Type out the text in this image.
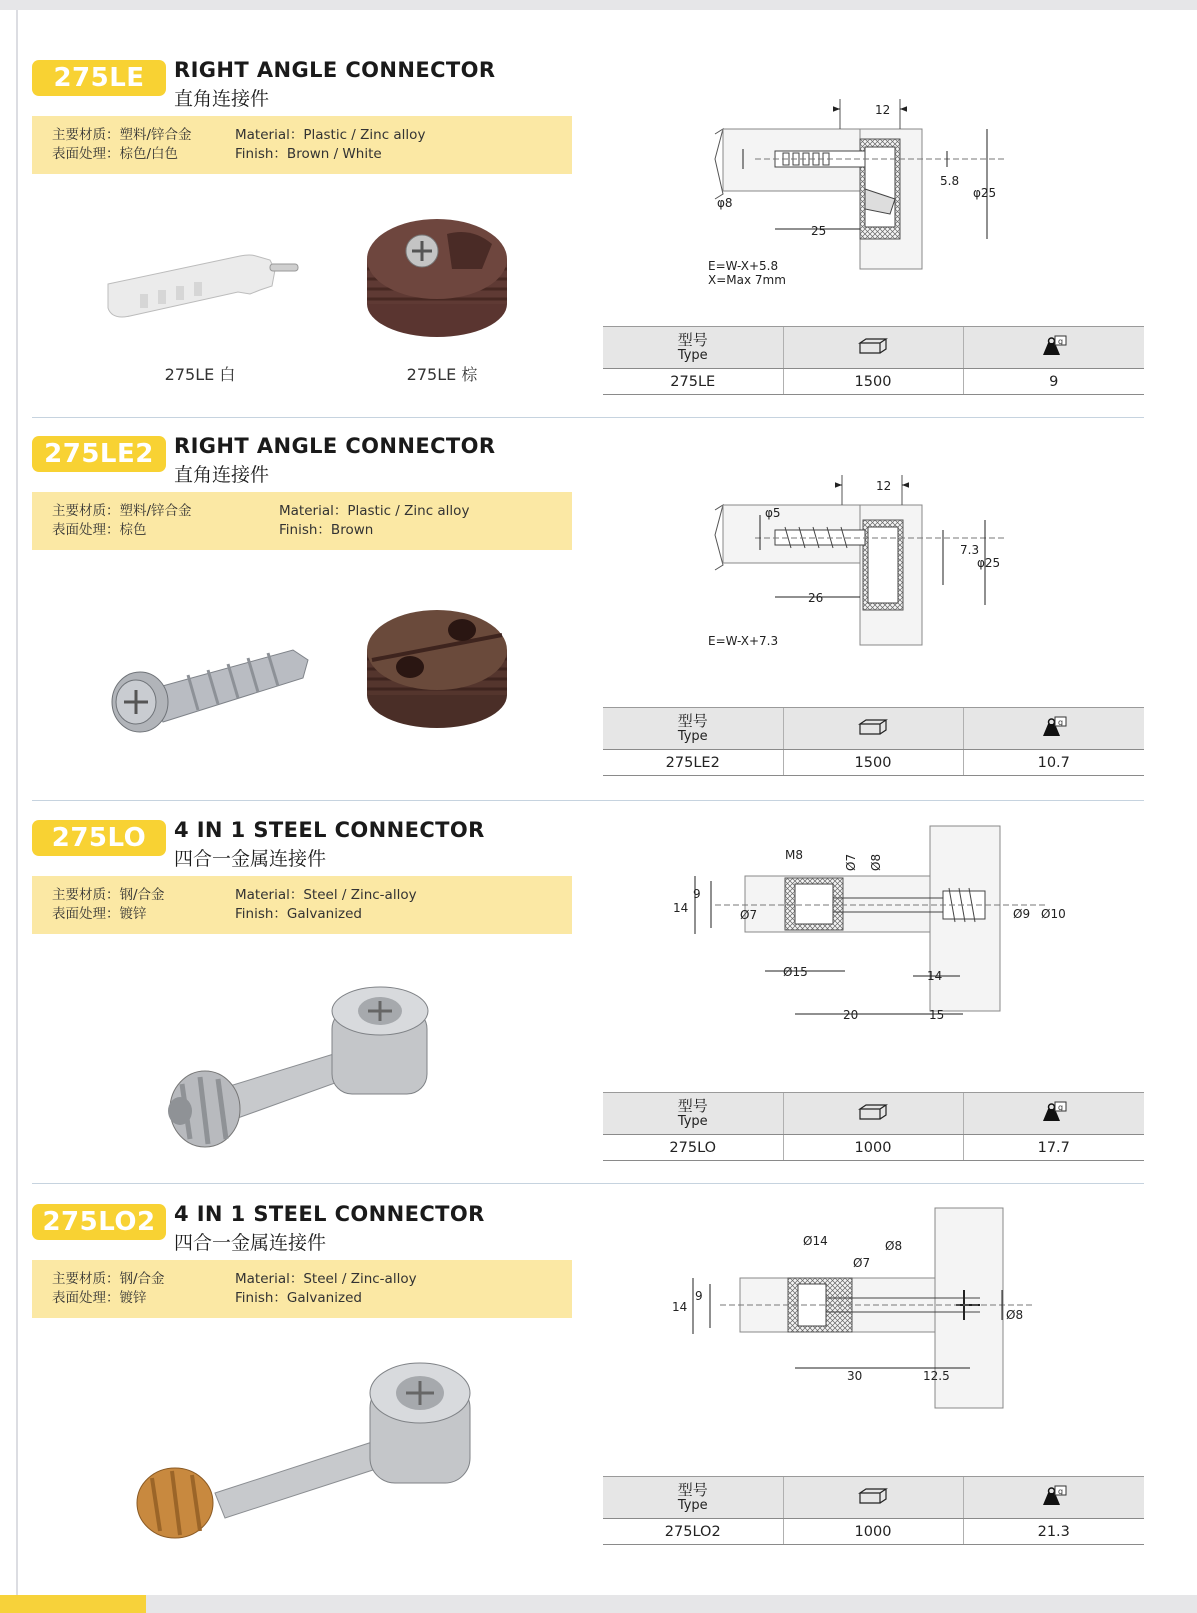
275LE	RIGHT ANGLE CONNECTOR
直角连接件
主要材质：塑料/锌合金
表面处理：棕色/白色
Material：Plastic / Zinc alloy
Finish：Brown / White
275LE 白	275LE 棕
12
5.8
φ25
φ8
25
E=W-X+5.8
X=Max 7mm
型号
Type		g

275LE	1500	9
275LE2 RIGHT ANGLE CONNECTOR
直角连接件
主要材质：塑料/锌合金
表面处理：棕色
Material：Plastic / Zinc alloy
Finish：Brown
12
φ5
7.3
φ25
26
E=W-X+7.3
型号
Type		g

275LE2	1500	10.7
275LO	4 IN 1 STEEL CONNECTOR
四合一金属连接件
主要材质：钢/合金
表面处理：镀锌
Material：Steel / Zinc-alloy
Finish：Galvanized
M8	Ø7 Ø8
14
9
Ø7	Ø9 Ø10
Ø15	14
20	15
型号
Type		g

275LO	1000	17.7
275LO2 4 IN 1 STEEL CONNECTOR
四合一金属连接件
主要材质：钢/合金
表面处理：镀锌
Material：Steel / Zinc-alloy
Finish：Galvanized
Ø14	Ø8
Ø7
14
9
Ø8
30	12.5
型号
Type		g

275LO2	1000	21.3
